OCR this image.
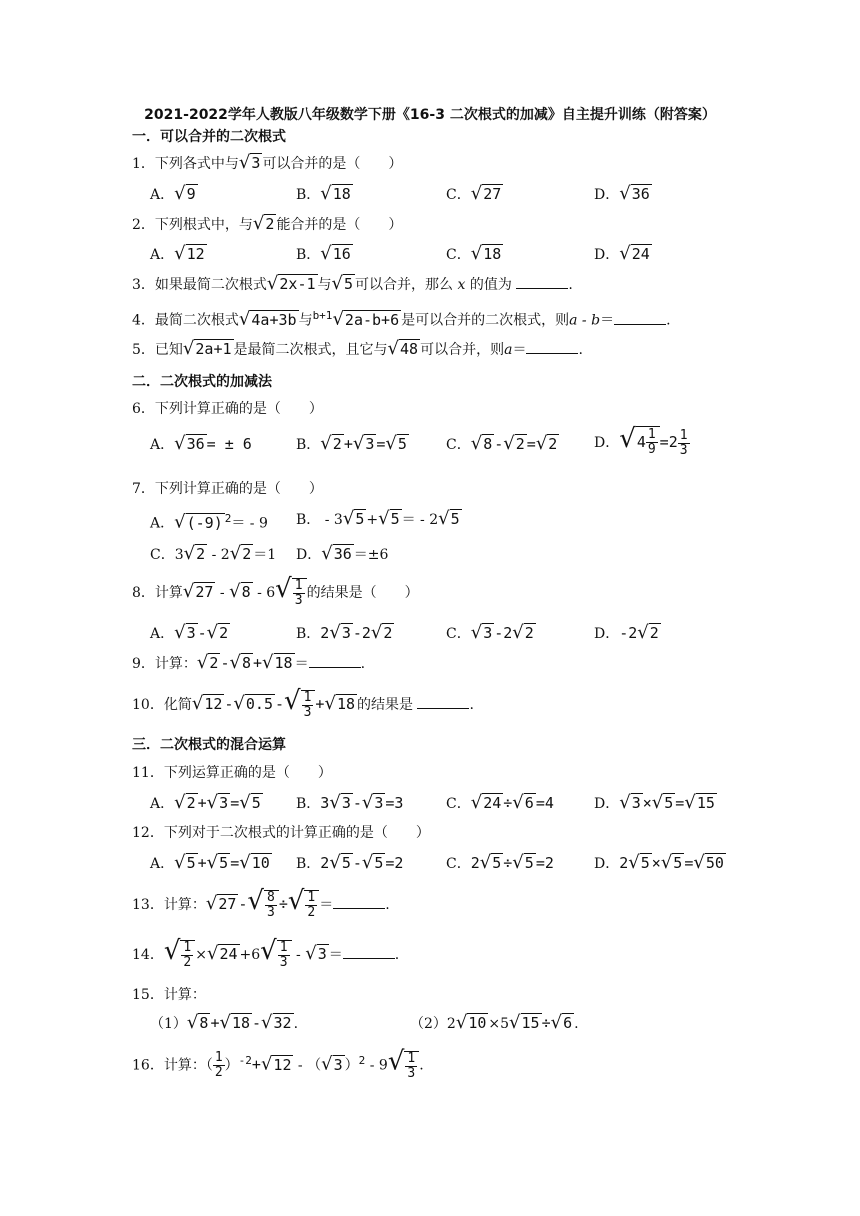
2021-2022学年人教版八年级数学下册《16-3 二次根式的加减》自主提升训练（附答案）
一．可以合并的二次根式
1．下列各式中与√3 可以合并的是（　　）
A．√9	B．√18	C．√27	D．√36
2．下列根式中，与√2 能合并的是（　　）
A．√12	B．√16	C．√18	D．√24
3．如果最简二次根式√2x-1 与√5 可以合并，那么 x 的值为	.
4．最简二次根式√4a+3b 与$^{b+1}$√2a-b+6 是可以合并的二次根式，则a - b＝	.
5．已知√2a+1 是最简二次根式，且它与√48 可以合并，则a＝	.
二．二次根式的加减法
6．下列计算正确的是（　　）
A．√36 = ± 6	B．√2 +√3 =√5	C．√8 -√2 =√2	D．$√4 \frac{1}{9} =2 \frac{1}{3}$
7．下列计算正确的是（　　）
A．√(-9) $^2$＝ - 9 B． - 3√5 +√5 ＝ - 2√5
C．3√2 - 2√2 ＝1 D．√36 ＝±6
8．计算$√27 - √8 - 6√ \frac{1}{3}$ 的结果是（　　）
A．√3 -√2	B．2√3 -2√2	C．√3 -2√2	D．-2√2
9．计算：√2 -√8 +√18 ＝	.
10．化简√12 -√0.5 -√ $\frac{1}{3} +√18$ 的结果是	.
三．二次根式的混合运算
11．下列运算正确的是（　　）
A．√2 +√3 =√5	B．3√3 -√3 =3	C．√24 ÷√6 =4	D．√3 ×√5 =√15
12．下列对于二次根式的计算正确的是（　　）
A．√5 +√5 =√10 B．2√5 -√5 =2	C．2√5 ÷√5 =2	D．2√5 ×√5 =√50
13．计算：√27 -√ $\frac{8}{3}$ ÷√ $\frac{1}{2}$ ＝	.
14．√ $\frac{1}{2} \times√24 +6√ \frac{1}{3} - √3$ ＝	.
15．计算：
（1）√8 +√18 -√32 .	（2）2√10 ×5√15 ÷√6 .
16．计算：（ $\frac{1}{2} )^{-2}+√12 - (√3$ ）$^2 - 9√ \frac{1}{3}$ .
